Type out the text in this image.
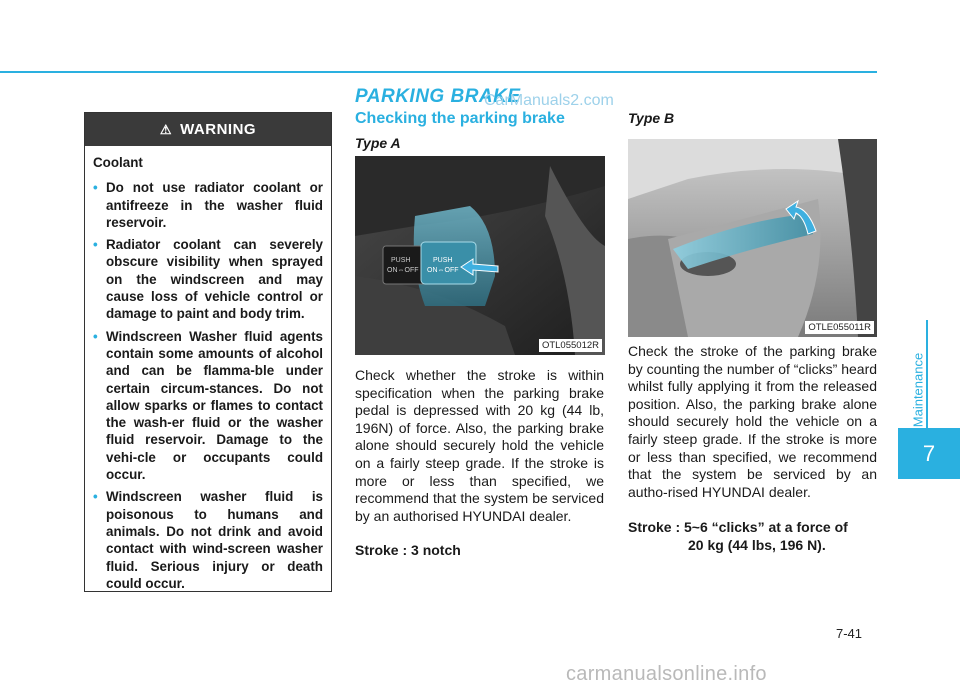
⚠ WARNING
Coolant
• Do not use radiator coolant or antifreeze in the washer fluid reservoir.
• Radiator coolant can severely obscure visibility when sprayed on the windscreen and may cause loss of vehicle control or damage to paint and body trim.
• Windscreen Washer fluid agents contain some amounts of alcohol and can be flamma-ble under certain circum-stances. Do not allow sparks or flames to contact the wash-er fluid or the washer fluid reservoir. Damage to the vehi-cle or occupants could occur.
• Windscreen washer fluid is poisonous to humans and animals. Do not drink and avoid contact with wind-screen washer fluid. Serious injury or death could occur.
PARKING BRAKE
CarManuals2.com
Checking the parking brake
Type A
Type B
PUSH
ON⇔OFF
PUSH
ON⇔OFF
OTL055012R
OTLE055011R
Check whether the stroke is within specification when the parking brake pedal is depressed with 20 kg (44 lb, 196N) of force. Also, the parking brake alone should securely hold the vehicle on a fairly steep grade. If the stroke is more or less than specified, we recommend that the system be serviced by an authorised HYUNDAI dealer.
Stroke : 3 notch
Check the stroke of the parking brake by counting the number of “clicks” heard whilst fully applying it from the released position. Also, the parking brake alone should securely hold the vehicle on a fairly steep grade. If the stroke is more or less than specified, we recommend that the system be serviced by an autho-rised HYUNDAI dealer.
Stroke : 5~6 “clicks” at a force of
20 kg (44 lbs, 196 N).
Maintenance
7
7-41
carmanualsonline.info
